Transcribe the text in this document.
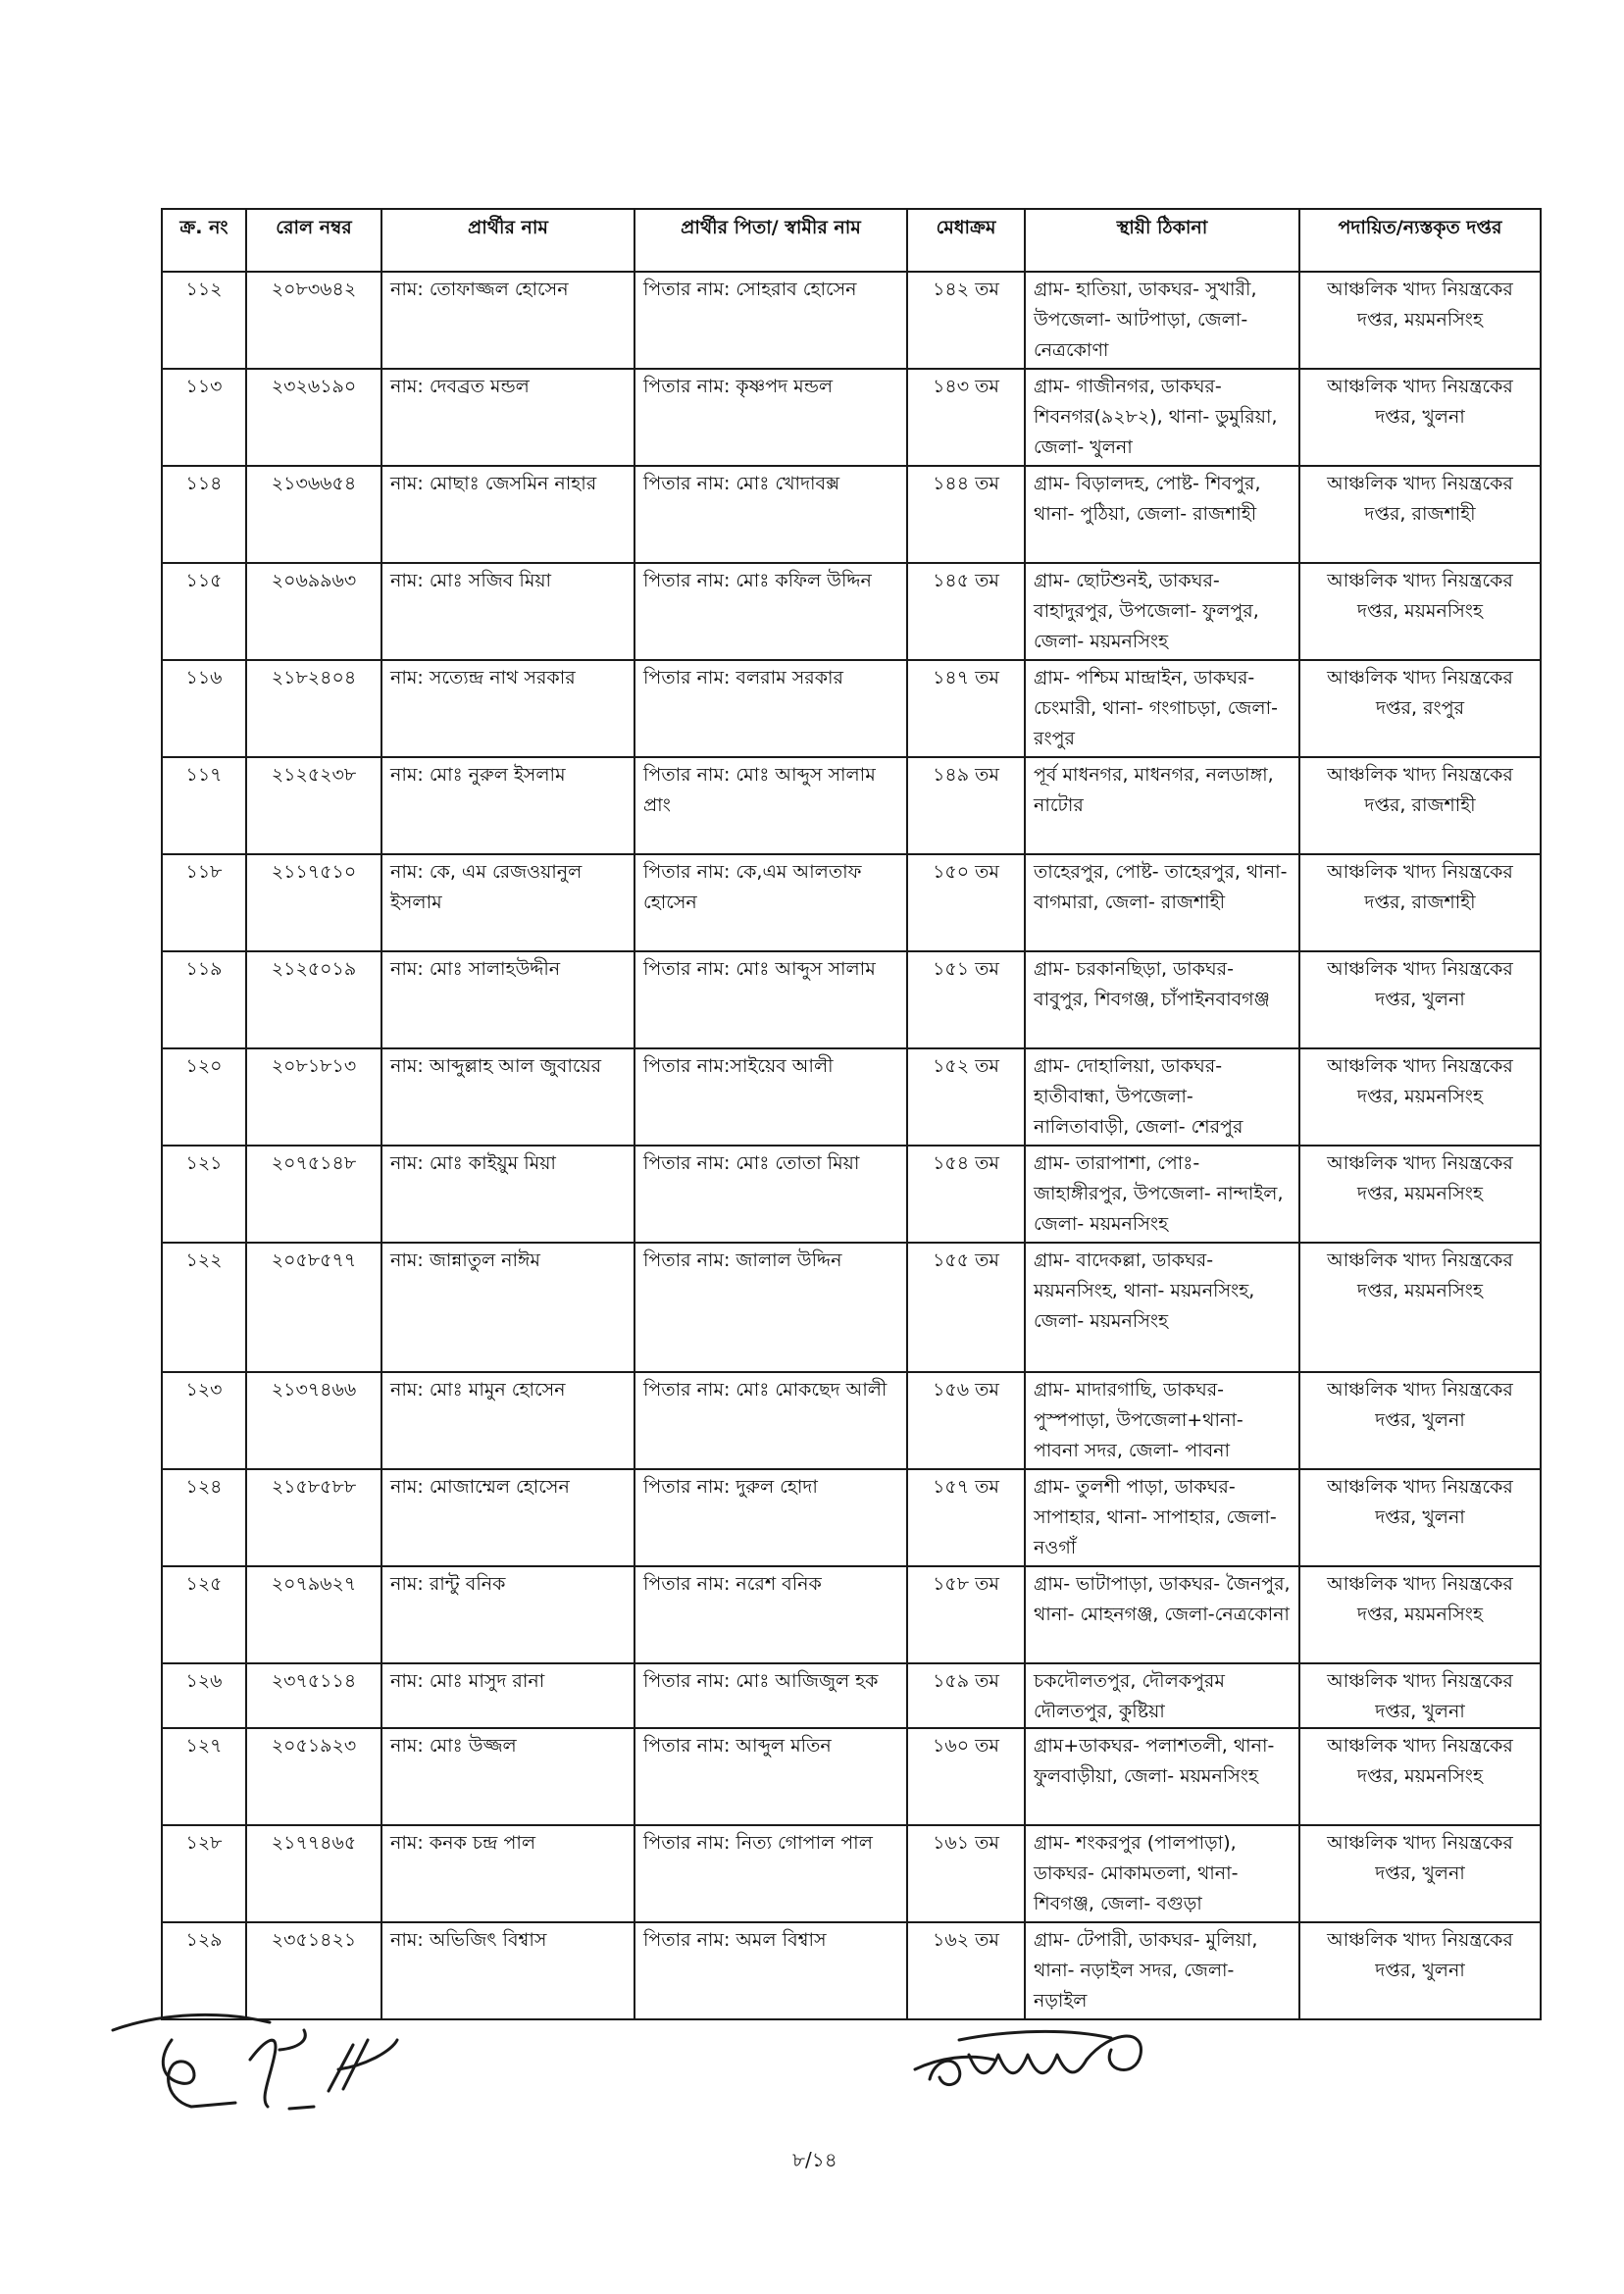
ক্র. নং	রোল নম্বর	প্রার্থীর নাম	প্রার্থীর পিতা/ স্বামীর নাম	মেধাক্রম	স্থায়ী ঠিকানা	পদায়িত/ন্যস্তকৃত দপ্তর
১১২	২০৮৩৬৪২	নাম: তোফাজ্জল হোসেন	পিতার নাম: সোহরাব হোসেন	১৪২ তম	গ্রাম- হাতিয়া, ডাকঘর- সুখারী, উপজেলা- আটপাড়া, জেলা- নেত্রকোণা	আঞ্চলিক খাদ্য নিয়ন্ত্রকের দপ্তর, ময়মনসিংহ
১১৩	২৩২৬১৯০	নাম: দেবব্রত মন্ডল	পিতার নাম: কৃষ্ণপদ মন্ডল	১৪৩ তম	গ্রাম- গাজীনগর, ডাকঘর- শিবনগর(৯২৮২), থানা- ডুমুরিয়া, জেলা- খুলনা	আঞ্চলিক খাদ্য নিয়ন্ত্রকের দপ্তর, খুলনা
১১৪	২১৩৬৬৫৪	নাম: মোছাঃ জেসমিন নাহার	পিতার নাম: মোঃ খোদাবক্স	১৪৪ তম	গ্রাম- বিড়ালদহ, পোষ্ট- শিবপুর, থানা- পুঠিয়া, জেলা- রাজশাহী	আঞ্চলিক খাদ্য নিয়ন্ত্রকের দপ্তর, রাজশাহী
১১৫	২০৬৯৯৬৩	নাম: মোঃ সজিব মিয়া	পিতার নাম: মোঃ কফিল উদ্দিন	১৪৫ তম	গ্রাম- ছোটশুনই, ডাকঘর- বাহাদুরপুর, উপজেলা- ফুলপুর, জেলা- ময়মনসিংহ	আঞ্চলিক খাদ্য নিয়ন্ত্রকের দপ্তর, ময়মনসিংহ
১১৬	২১৮২৪০৪	নাম: সত্যেন্দ্র নাথ সরকার	পিতার নাম: বলরাম সরকার	১৪৭ তম	গ্রাম- পশ্চিম মান্দ্রাইন, ডাকঘর- চেংমারী, থানা- গংগাচড়া, জেলা- রংপুর	আঞ্চলিক খাদ্য নিয়ন্ত্রকের দপ্তর, রংপুর
১১৭	২১২৫২৩৮	নাম: মোঃ নুরুল ইসলাম	পিতার নাম: মোঃ আব্দুস সালাম প্রাং	১৪৯ তম	পূর্ব মাধনগর, মাধনগর, নলডাঙ্গা, নাটোর	আঞ্চলিক খাদ্য নিয়ন্ত্রকের দপ্তর, রাজশাহী
১১৮	২১১৭৫১০	নাম: কে, এম রেজওয়ানুল ইসলাম	পিতার নাম: কে,এম আলতাফ হোসেন	১৫০ তম	তাহেরপুর, পোষ্ট- তাহেরপুর, থানা-বাগমারা, জেলা- রাজশাহী	আঞ্চলিক খাদ্য নিয়ন্ত্রকের দপ্তর, রাজশাহী
১১৯	২১২৫০১৯	নাম: মোঃ সালাহউদ্দীন	পিতার নাম: মোঃ আব্দুস সালাম	১৫১ তম	গ্রাম- চরকানছিড়া, ডাকঘর- বাবুপুর, শিবগঞ্জ, চাঁপাইনবাবগঞ্জ	আঞ্চলিক খাদ্য নিয়ন্ত্রকের দপ্তর, খুলনা
১২০	২০৮১৮১৩	নাম: আব্দুল্লাহ আল জুবায়ের	পিতার নাম:সাইয়েব আলী	১৫২ তম	গ্রাম- দোহালিয়া, ডাকঘর- হাতীবান্ধা, উপজেলা- নালিতাবাড়ী, জেলা- শেরপুর	আঞ্চলিক খাদ্য নিয়ন্ত্রকের দপ্তর, ময়মনসিংহ
১২১	২০৭৫১৪৮	নাম: মোঃ কাইয়ুম মিয়া	পিতার নাম: মোঃ তোতা মিয়া	১৫৪ তম	গ্রাম- তারাপাশা, পোঃ- জাহাঙ্গীরপুর, উপজেলা- নান্দাইল, জেলা- ময়মনসিংহ	আঞ্চলিক খাদ্য নিয়ন্ত্রকের দপ্তর, ময়মনসিংহ
১২২	২০৫৮৫৭৭	নাম: জান্নাতুল নাঈম	পিতার নাম: জালাল উদ্দিন	১৫৫ তম	গ্রাম- বাদেকল্লা, ডাকঘর- ময়মনসিংহ, থানা- ময়মনসিংহ, জেলা- ময়মনসিংহ	আঞ্চলিক খাদ্য নিয়ন্ত্রকের দপ্তর, ময়মনসিংহ
১২৩	২১৩৭৪৬৬	নাম: মোঃ মামুন হোসেন	পিতার নাম: মোঃ মোকছেদ আলী	১৫৬ তম	গ্রাম- মাদারগাছি, ডাকঘর- পুস্পপাড়া, উপজেলা+থানা- পাবনা সদর, জেলা- পাবনা	আঞ্চলিক খাদ্য নিয়ন্ত্রকের দপ্তর, খুলনা
১২৪	২১৫৮৫৮৮	নাম: মোজাম্মেল হোসেন	পিতার নাম: দুরুল হোদা	১৫৭ তম	গ্রাম- তুলশী পাড়া, ডাকঘর- সাপাহার, থানা- সাপাহার, জেলা- নওগাঁ	আঞ্চলিক খাদ্য নিয়ন্ত্রকের দপ্তর, খুলনা
১২৫	২০৭৯৬২৭	নাম: রান্টু বনিক	পিতার নাম: নরেশ বনিক	১৫৮ তম	গ্রাম- ভাটাপাড়া, ডাকঘর- জৈনপুর, থানা- মোহনগঞ্জ, জেলা-নেত্রকোনা	আঞ্চলিক খাদ্য নিয়ন্ত্রকের দপ্তর, ময়মনসিংহ
১২৬	২৩৭৫১১৪	নাম: মোঃ মাসুদ রানা	পিতার নাম: মোঃ আজিজুল হক	১৫৯ তম	চকদৌলতপুর, দৌলকপুরম দৌলতপুর, কুষ্টিয়া	আঞ্চলিক খাদ্য নিয়ন্ত্রকের দপ্তর, খুলনা
১২৭	২০৫১৯২৩	নাম: মোঃ উজ্জল	পিতার নাম: আব্দুল মতিন	১৬০ তম	গ্রাম+ডাকঘর- পলাশতলী, থানা- ফুলবাড়ীয়া, জেলা- ময়মনসিংহ	আঞ্চলিক খাদ্য নিয়ন্ত্রকের দপ্তর, ময়মনসিংহ
১২৮	২১৭৭৪৬৫	নাম: কনক চন্দ্র পাল	পিতার নাম: নিত্য গোপাল পাল	১৬১ তম	গ্রাম- শংকরপুর (পালপাড়া), ডাকঘর- মোকামতলা, থানা- শিবগঞ্জ, জেলা- বগুড়া	আঞ্চলিক খাদ্য নিয়ন্ত্রকের দপ্তর, খুলনা
১২৯	২৩৫১৪২১	নাম: অভিজিৎ বিশ্বাস	পিতার নাম: অমল বিশ্বাস	১৬২ তম	গ্রাম- টেপারী, ডাকঘর- মুলিয়া, থানা- নড়াইল সদর, জেলা- নড়াইল	আঞ্চলিক খাদ্য নিয়ন্ত্রকের দপ্তর, খুলনা
৮/১৪
